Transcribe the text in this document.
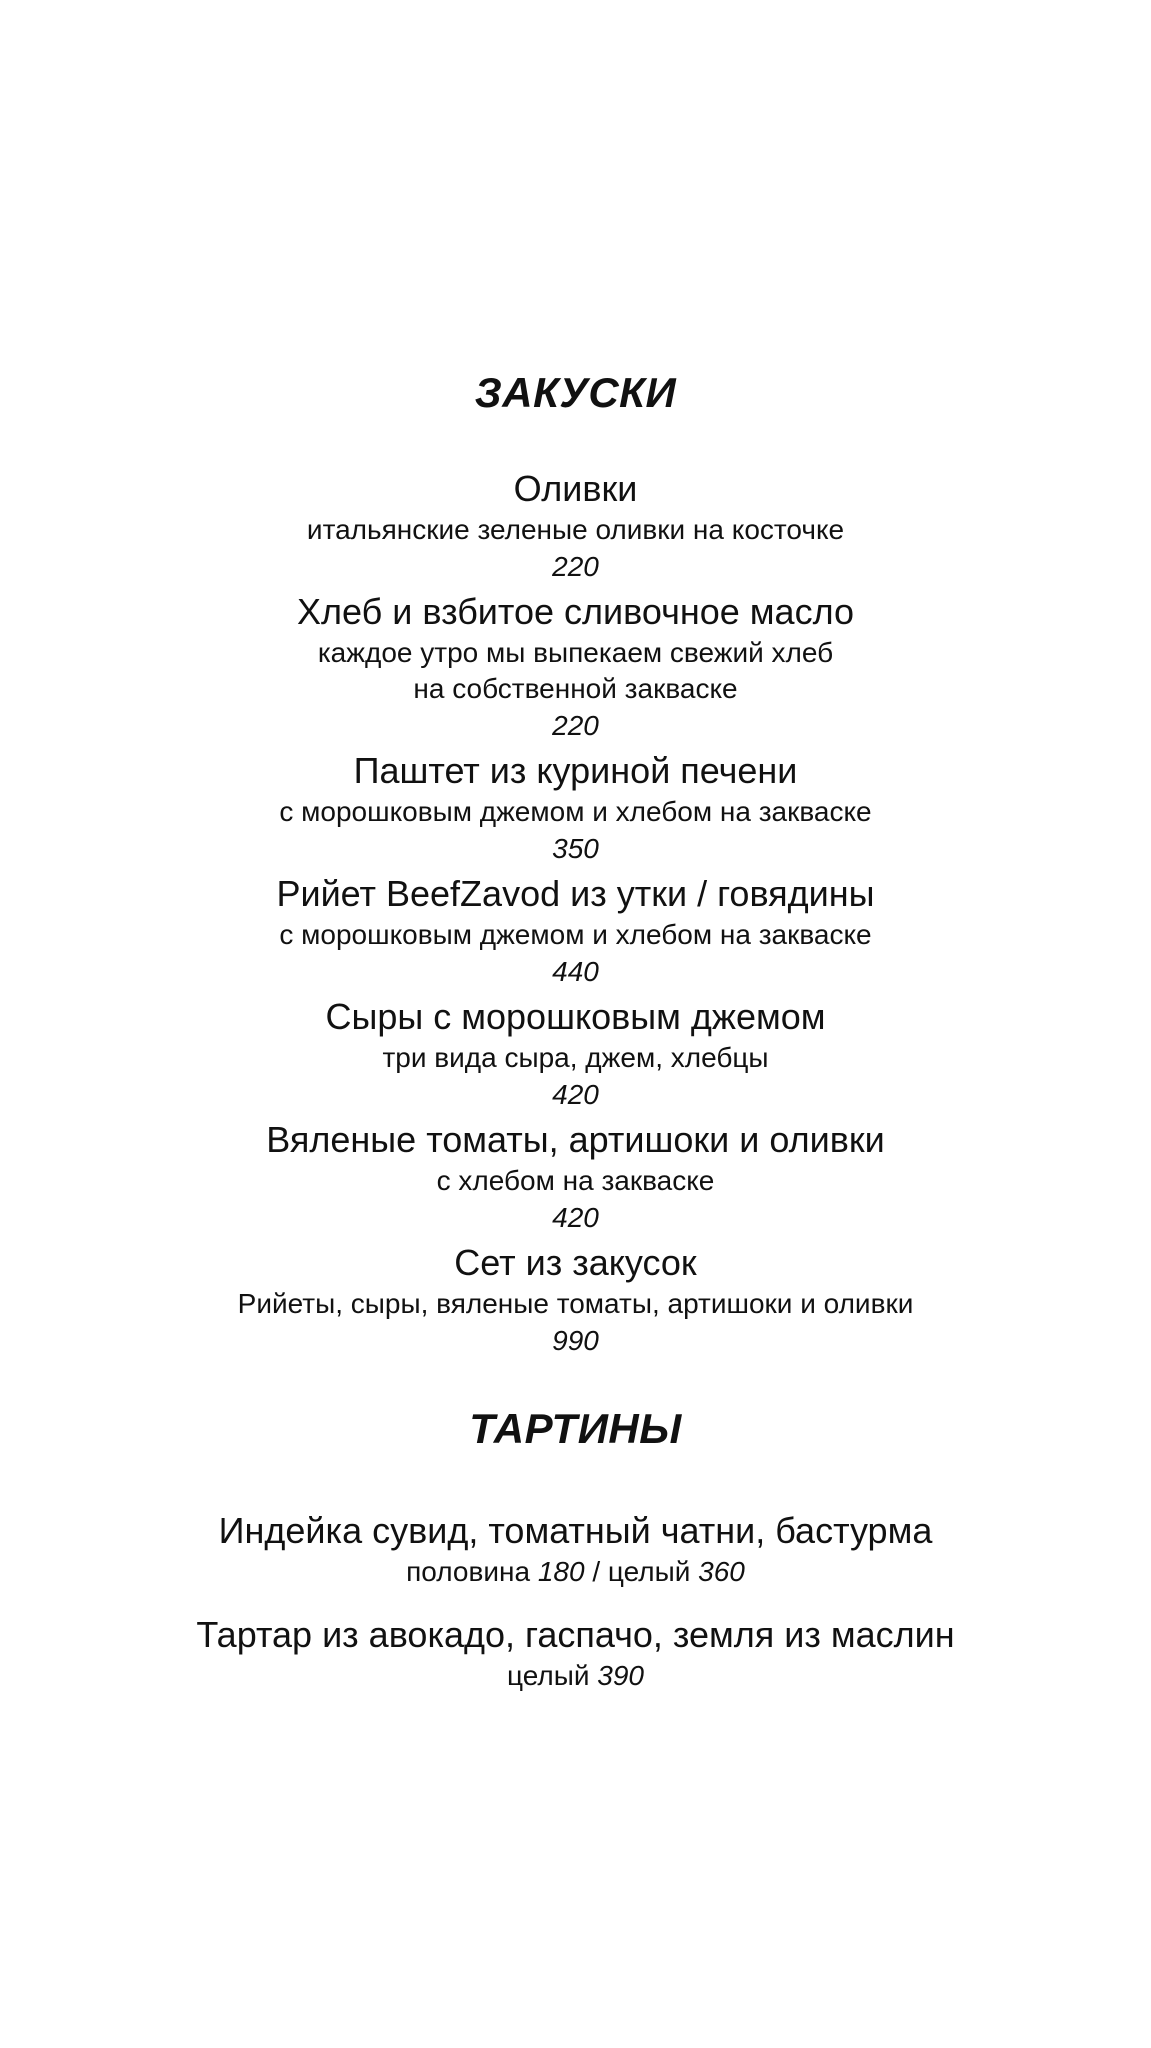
ЗАКУСКИ
Оливки
итальянские зеленые оливки на косточке
220
Хлеб и взбитое сливочное масло
каждое утро мы выпекаем свежий хлеб
на собственной закваске
220
Паштет из куриной печени
с морошковым джемом и хлебом на закваске
350
Рийет BeefZavod из утки / говядины
с морошковым джемом и хлебом на закваске
440
Сыры с морошковым джемом
три вида сыра, джем, хлебцы
420
Вяленые томаты, артишоки и оливки
с хлебом на закваске
420
Сет из закусок
Рийеты, сыры, вяленые томаты, артишоки и оливки
990
ТАРТИНЫ
Индейка сувид, томатный чатни, бастурма
половина 180 / целый 360
Тартар из авокадо, гаспачо, земля из маслин
целый 390
